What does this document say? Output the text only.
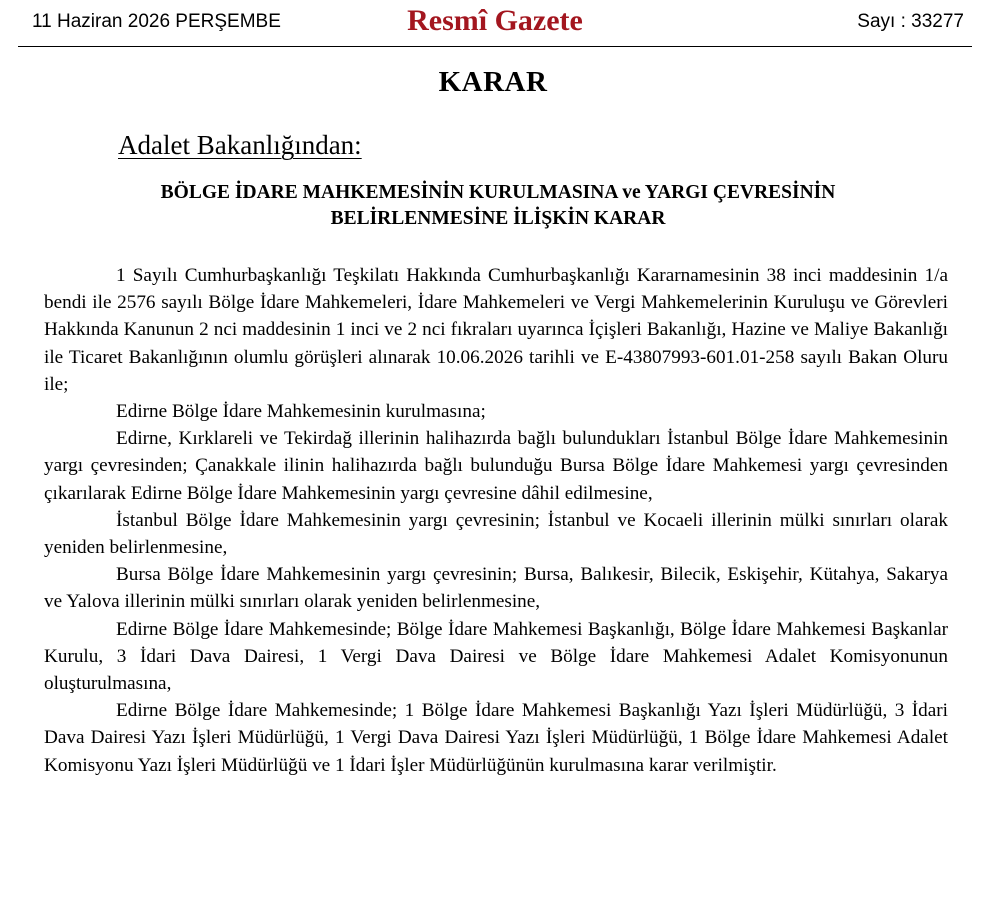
11 Haziran 2026 PERŞEMBE	Resmî Gazete	Sayı : 33277
KARAR
Adalet Bakanlığından:
BÖLGE İDARE MAHKEMESİNİN KURULMASINA ve YARGI ÇEVRESİNİN
BELİRLENMESİNE İLİŞKİN KARAR

1 Sayılı Cumhurbaşkanlığı Teşkilatı Hakkında Cumhurbaşkanlığı Kararnamesinin 38 inci maddesinin 1/a bendi ile 2576 sayılı Bölge İdare Mahkemeleri, İdare Mahkemeleri ve Vergi Mahkemelerinin Kuruluşu ve Görevleri Hakkında Kanunun 2 nci maddesinin 1 inci ve 2 nci fıkraları uyarınca İçişleri Bakanlığı, Hazine ve Maliye Bakanlığı ile Ticaret Bakanlığının olumlu görüşleri alınarak 10.06.2026 tarihli ve E-43807993-601.01-258 sayılı Bakan Oluru ile;

Edirne Bölge İdare Mahkemesinin kurulmasına;

Edirne, Kırklareli ve Tekirdağ illerinin halihazırda bağlı bulundukları İstanbul Bölge İdare Mahkemesinin yargı çevresinden; Çanakkale ilinin halihazırda bağlı bulunduğu Bursa Bölge İdare Mahkemesi yargı çevresinden çıkarılarak Edirne Bölge İdare Mahkemesinin yargı çevresine dâhil edilmesine,

İstanbul Bölge İdare Mahkemesinin yargı çevresinin; İstanbul ve Kocaeli illerinin mülki sınırları olarak yeniden belirlenmesine,

Bursa Bölge İdare Mahkemesinin yargı çevresinin; Bursa, Balıkesir, Bilecik, Eskişehir, Kütahya, Sakarya ve Yalova illerinin mülki sınırları olarak yeniden belirlenmesine,

Edirne Bölge İdare Mahkemesinde; Bölge İdare Mahkemesi Başkanlığı, Bölge İdare Mahkemesi Başkanlar Kurulu, 3 İdari Dava Dairesi, 1 Vergi Dava Dairesi ve Bölge İdare Mahkemesi Adalet Komisyonunun oluşturulmasına,

Edirne Bölge İdare Mahkemesinde; 1 Bölge İdare Mahkemesi Başkanlığı Yazı İşleri Müdürlüğü, 3 İdari Dava Dairesi Yazı İşleri Müdürlüğü, 1 Vergi Dava Dairesi Yazı İşleri Müdürlüğü, 1 Bölge İdare Mahkemesi Adalet Komisyonu Yazı İşleri Müdürlüğü ve 1 İdari İşler Müdürlüğünün kurulmasına karar verilmiştir.
